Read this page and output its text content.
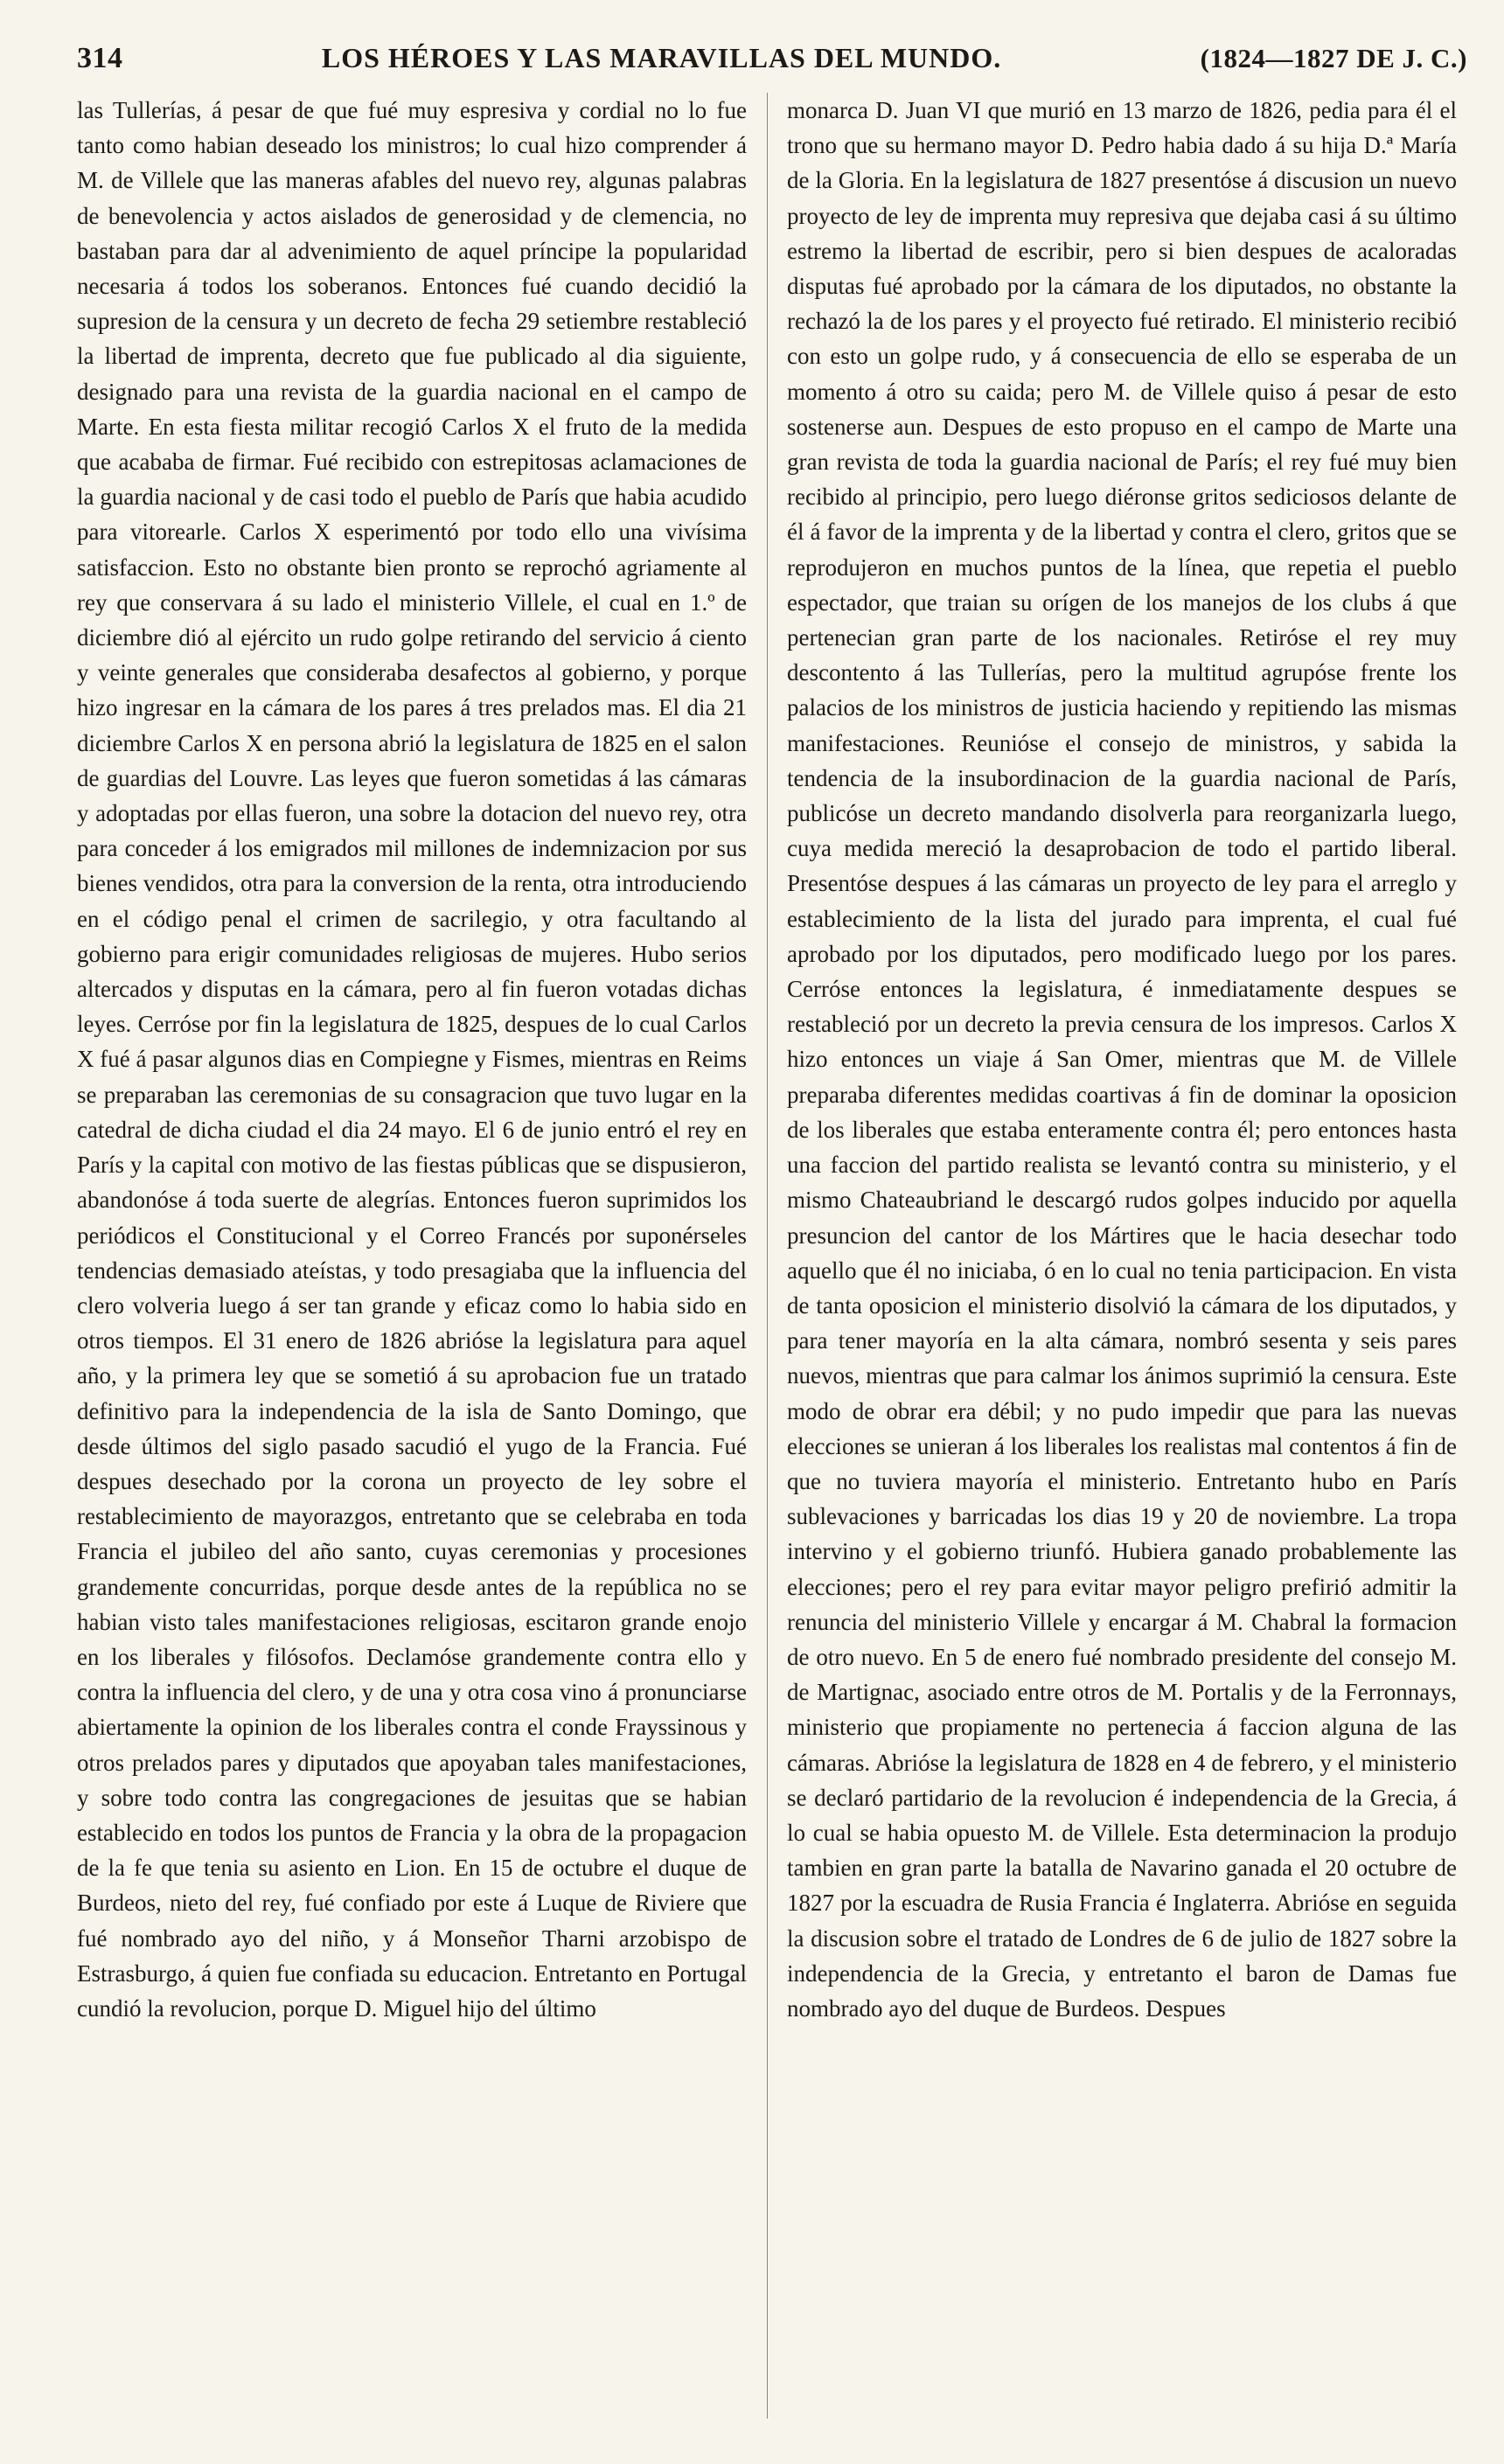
314	LOS HÉROES Y LAS MARAVILLAS DEL MUNDO.	(1824—1827 DE J. C.)

las Tullerías, á pesar de que fué muy espresiva y cordial no lo fue tanto como habian deseado los ministros; lo cual hizo comprender á M. de Villele que las maneras afables del nuevo rey, algunas palabras de benevolencia y actos aislados de generosidad y de clemencia, no bastaban para dar al advenimiento de aquel príncipe la popularidad necesaria á todos los soberanos. Entonces fué cuando decidió la supresion de la censura y un decreto de fecha 29 setiembre restableció la libertad de imprenta, decreto que fue publicado al dia siguiente, designado para una revista de la guardia nacional en el campo de Marte. En esta fiesta militar recogió Carlos X el fruto de la medida que acababa de firmar. Fué recibido con estrepitosas aclamaciones de la guardia nacional y de casi todo el pueblo de París que habia acudido para vitorearle. Carlos X esperimentó por todo ello una vivísima satisfaccion. Esto no obstante bien pronto se reprochó agriamente al rey que conservara á su lado el ministerio Villele, el cual en 1.º de diciembre dió al ejército un rudo golpe retirando del servicio á ciento y veinte generales que consideraba desafectos al gobierno, y porque hizo ingresar en la cámara de los pares á tres prelados mas. El dia 21 diciembre Carlos X en persona abrió la legislatura de 1825 en el salon de guardias del Louvre. Las leyes que fueron sometidas á las cámaras y adoptadas por ellas fueron, una sobre la dotacion del nuevo rey, otra para conceder á los emigrados mil millones de indemnizacion por sus bienes vendidos, otra para la conversion de la renta, otra introduciendo en el código penal el crimen de sacrilegio, y otra facultando al gobierno para erigir comunidades religiosas de mujeres. Hubo serios altercados y disputas en la cámara, pero al fin fueron votadas dichas leyes. Cerróse por fin la legislatura de 1825, despues de lo cual Carlos X fué á pasar algunos dias en Compiegne y Fismes, mientras en Reims se preparaban las ceremonias de su consagracion que tuvo lugar en la catedral de dicha ciudad el dia 24 mayo. El 6 de junio entró el rey en París y la capital con motivo de las fiestas públicas que se dispusieron, abandonóse á toda suerte de alegrías. Entonces fueron suprimidos los periódicos el Constitucional y el Correo Francés por suponérseles tendencias demasiado ateístas, y todo presagiaba que la influencia del clero volveria luego á ser tan grande y eficaz como lo habia sido en otros tiempos. El 31 enero de 1826 abrióse la legislatura para aquel año, y la primera ley que se sometió á su aprobacion fue un tratado definitivo para la independencia de la isla de Santo Domingo, que desde últimos del siglo pasado sacudió el yugo de la Francia. Fué despues desechado por la corona un proyecto de ley sobre el restablecimiento de mayorazgos, entretanto que se celebraba en toda Francia el jubileo del año santo, cuyas ceremonias y procesiones grandemente concurridas, porque desde antes de la república no se habian visto tales manifestaciones religiosas, escitaron grande enojo en los liberales y filósofos. Declamóse grandemente contra ello y contra la influencia del clero, y de una y otra cosa vino á pronunciarse abiertamente la opinion de los liberales contra el conde Frayssinous y otros prelados pares y diputados que apoyaban tales manifestaciones, y sobre todo contra las congregaciones de jesuitas que se habian establecido en todos los puntos de Francia y la obra de la propagacion de la fe que tenia su asiento en Lion. En 15 de octubre el duque de Burdeos, nieto del rey, fué confiado por este á Luque de Riviere que fué nombrado ayo del niño, y á Monseñor Tharni arzobispo de Estrasburgo, á quien fue confiada su educacion. Entretanto en Portugal cundió la revolucion, porque D. Miguel hijo del último

monarca D. Juan VI que murió en 13 marzo de 1826, pedia para él el trono que su hermano mayor D. Pedro habia dado á su hija D.ª María de la Gloria. En la legislatura de 1827 presentóse á discusion un nuevo proyecto de ley de imprenta muy represiva que dejaba casi á su último estremo la libertad de escribir, pero si bien despues de acaloradas disputas fué aprobado por la cámara de los diputados, no obstante la rechazó la de los pares y el proyecto fué retirado. El ministerio recibió con esto un golpe rudo, y á consecuencia de ello se esperaba de un momento á otro su caida; pero M. de Villele quiso á pesar de esto sostenerse aun. Despues de esto propuso en el campo de Marte una gran revista de toda la guardia nacional de París; el rey fué muy bien recibido al principio, pero luego diéronse gritos sediciosos delante de él á favor de la imprenta y de la libertad y contra el clero, gritos que se reprodujeron en muchos puntos de la línea, que repetia el pueblo espectador, que traian su orígen de los manejos de los clubs á que pertenecian gran parte de los nacionales. Retiróse el rey muy descontento á las Tullerías, pero la multitud agrupóse frente los palacios de los ministros de justicia haciendo y repitiendo las mismas manifestaciones. Reunióse el consejo de ministros, y sabida la tendencia de la insubordinacion de la guardia nacional de París, publicóse un decreto mandando disolverla para reorganizarla luego, cuya medida mereció la desaprobacion de todo el partido liberal. Presentóse despues á las cámaras un proyecto de ley para el arreglo y establecimiento de la lista del jurado para imprenta, el cual fué aprobado por los diputados, pero modificado luego por los pares. Cerróse entonces la legislatura, é inmediatamente despues se restableció por un decreto la previa censura de los impresos. Carlos X hizo entonces un viaje á San Omer, mientras que M. de Villele preparaba diferentes medidas coartivas á fin de dominar la oposicion de los liberales que estaba enteramente contra él; pero entonces hasta una faccion del partido realista se levantó contra su ministerio, y el mismo Chateaubriand le descargó rudos golpes inducido por aquella presuncion del cantor de los Mártires que le hacia desechar todo aquello que él no iniciaba, ó en lo cual no tenia participacion. En vista de tanta oposicion el ministerio disolvió la cámara de los diputados, y para tener mayoría en la alta cámara, nombró sesenta y seis pares nuevos, mientras que para calmar los ánimos suprimió la censura. Este modo de obrar era débil; y no pudo impedir que para las nuevas elecciones se unieran á los liberales los realistas mal contentos á fin de que no tuviera mayoría el ministerio. Entretanto hubo en París sublevaciones y barricadas los dias 19 y 20 de noviembre. La tropa intervino y el gobierno triunfó. Hubiera ganado probablemente las elecciones; pero el rey para evitar mayor peligro prefirió admitir la renuncia del ministerio Villele y encargar á M. Chabral la formacion de otro nuevo. En 5 de enero fué nombrado presidente del consejo M. de Martignac, asociado entre otros de M. Portalis y de la Ferronnays, ministerio que propiamente no pertenecia á faccion alguna de las cámaras. Abrióse la legislatura de 1828 en 4 de febrero, y el ministerio se declaró partidario de la revolucion é independencia de la Grecia, á lo cual se habia opuesto M. de Villele. Esta determinacion la produjo tambien en gran parte la batalla de Navarino ganada el 20 octubre de 1827 por la escuadra de Rusia Francia é Inglaterra. Abrióse en seguida la discusion sobre el tratado de Londres de 6 de julio de 1827 sobre la independencia de la Grecia, y entretanto el baron de Damas fue nombrado ayo del duque de Burdeos. Despues
